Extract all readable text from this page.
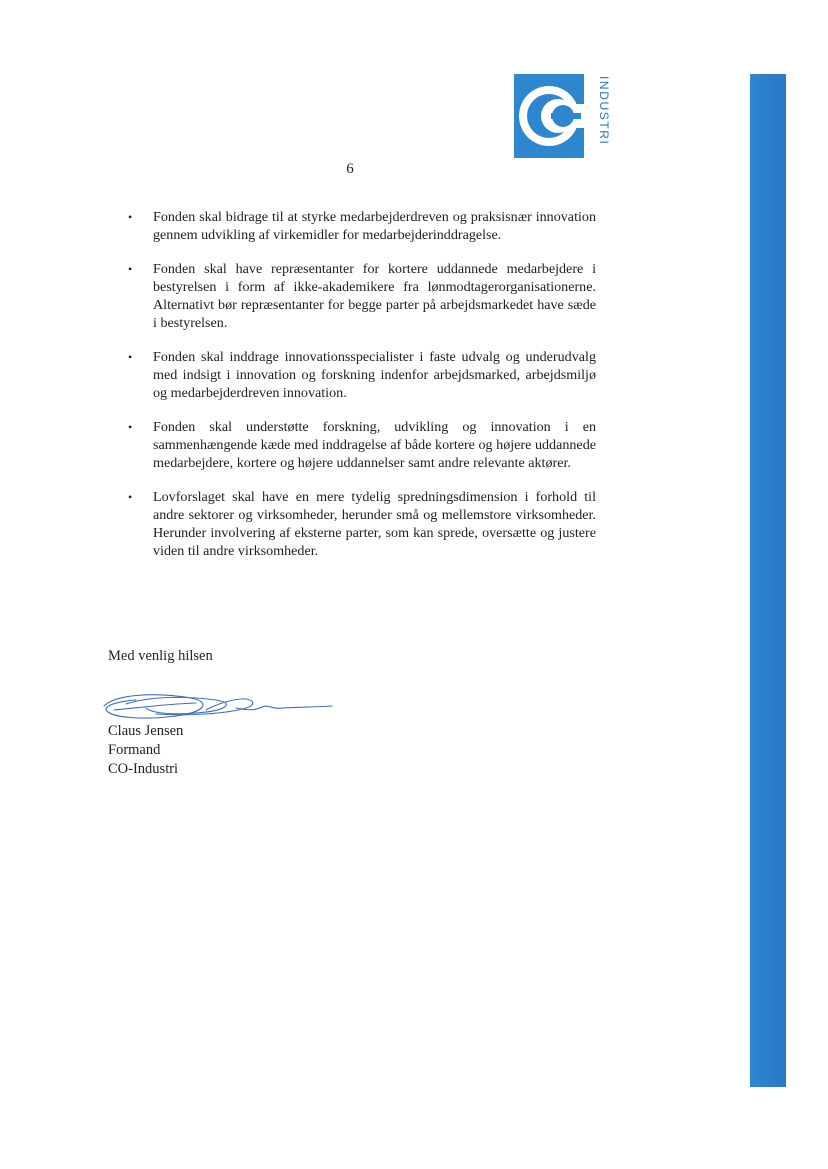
INDUSTRI
6
• Fonden skal bidrage til at styrke medarbejderdreven og praksisnær innovation gennem udvikling af virkemidler for medarbejderinddragelse.
• Fonden skal have repræsentanter for kortere uddannede medarbejdere i bestyrelsen i form af ikke-akademikere fra lønmodtagerorganisationerne. Alternativt bør repræsentanter for begge parter på arbejdsmarkedet have sæde i bestyrelsen.
• Fonden skal inddrage innovationsspecialister i faste udvalg og underudvalg med indsigt i innovation og forskning indenfor arbejdsmarked, arbejdsmiljø og medarbejderdreven innovation.
• Fonden skal understøtte forskning, udvikling og innovation i en sammenhængende kæde med inddragelse af både kortere og højere uddannede medarbejdere, kortere og højere uddannelser samt andre relevante aktører.
• Lovforslaget skal have en mere tydelig spredningsdimension i forhold til andre sektorer og virksomheder, herunder små og mellemstore virksomheder. Herunder involvering af eksterne parter, som kan sprede, oversætte og justere viden til andre virksomheder.
Med venlig hilsen
Claus Jensen
Formand
CO-Industri
